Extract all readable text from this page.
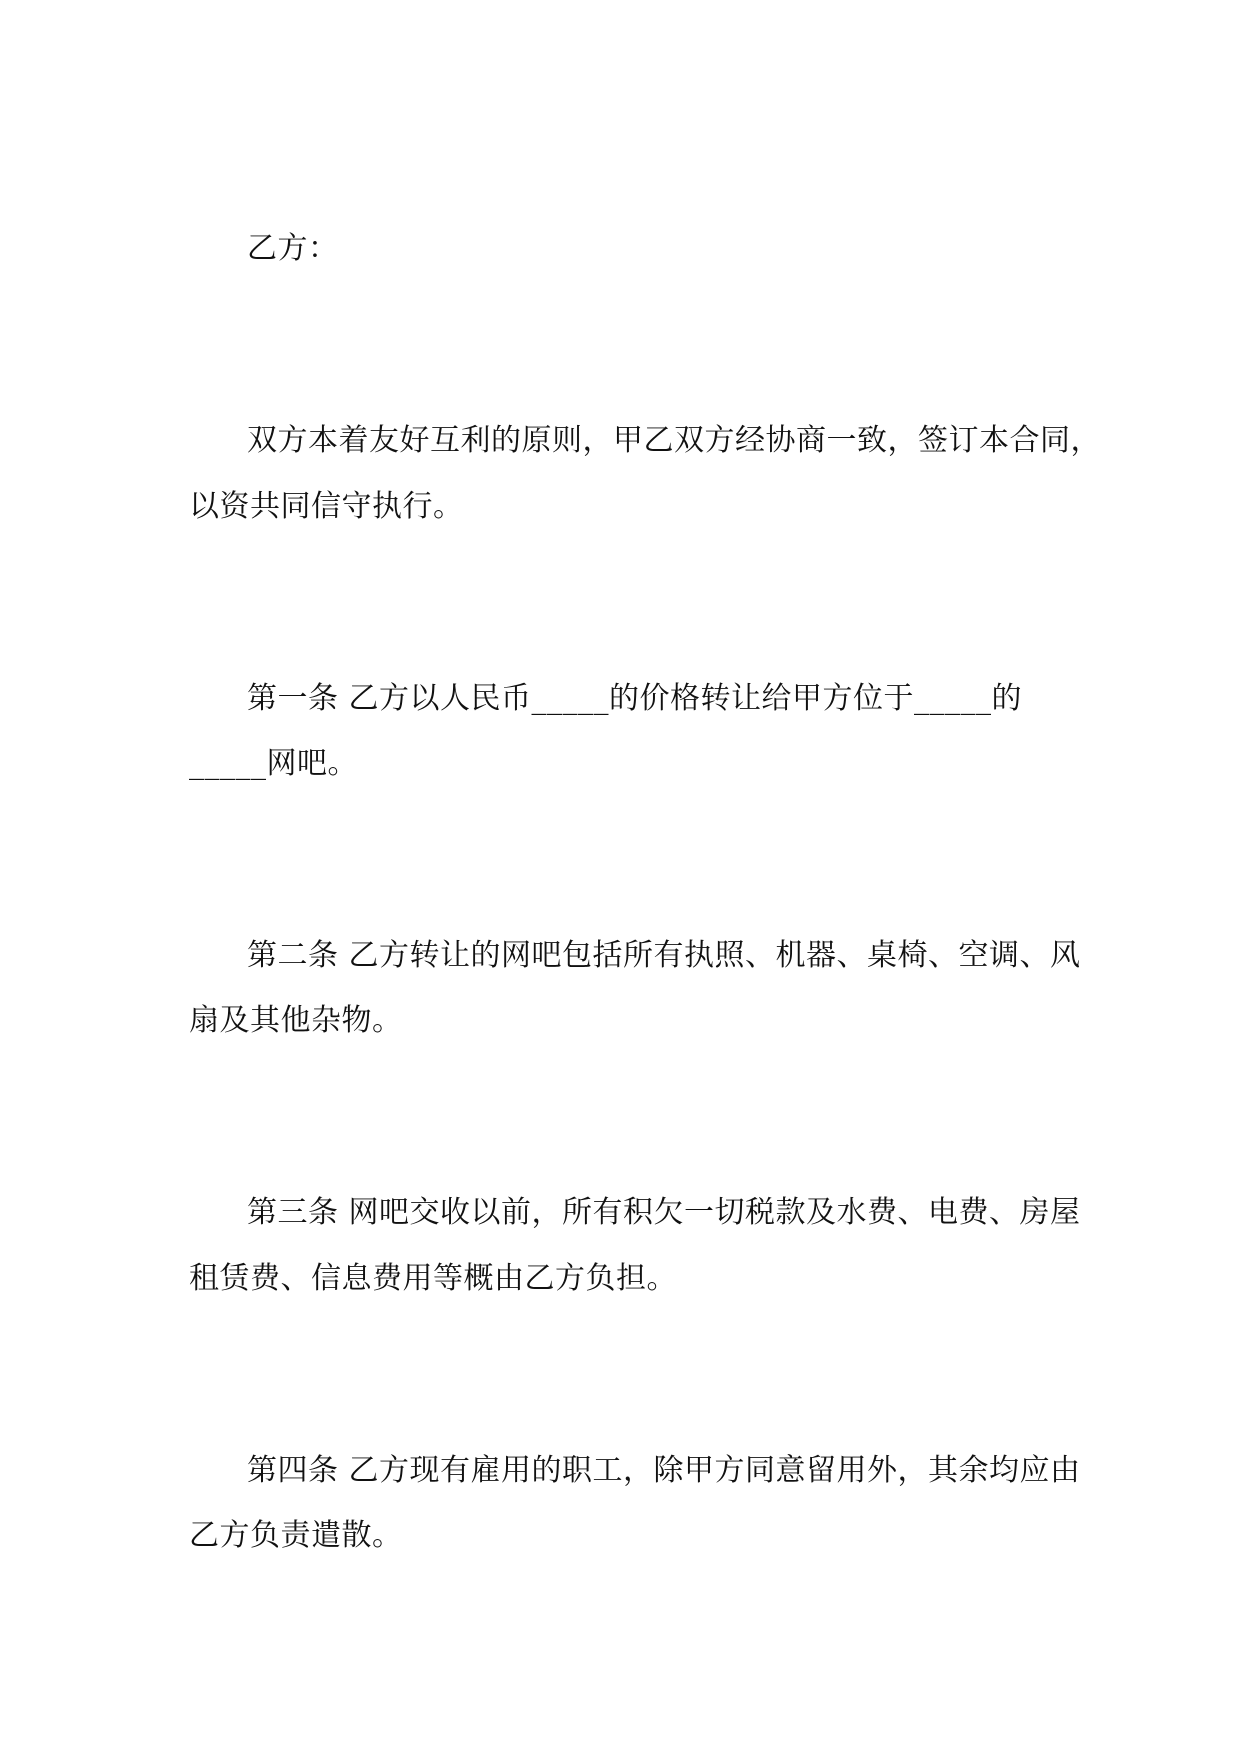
乙方：

双方本着友好互利的原则，甲乙双方经协商一致，签订本合同，

以资共同信守执行。

第一条 乙方以人民币_____的价格转让给甲方位于_____的

_____网吧。

第二条 乙方转让的网吧包括所有执照、机器、桌椅、空调、风

扇及其他杂物。

第三条 网吧交收以前，所有积欠一切税款及水费、电费、房屋

租赁费、信息费用等概由乙方负担。

第四条 乙方现有雇用的职工，除甲方同意留用外，其余均应由

乙方负责遣散。
